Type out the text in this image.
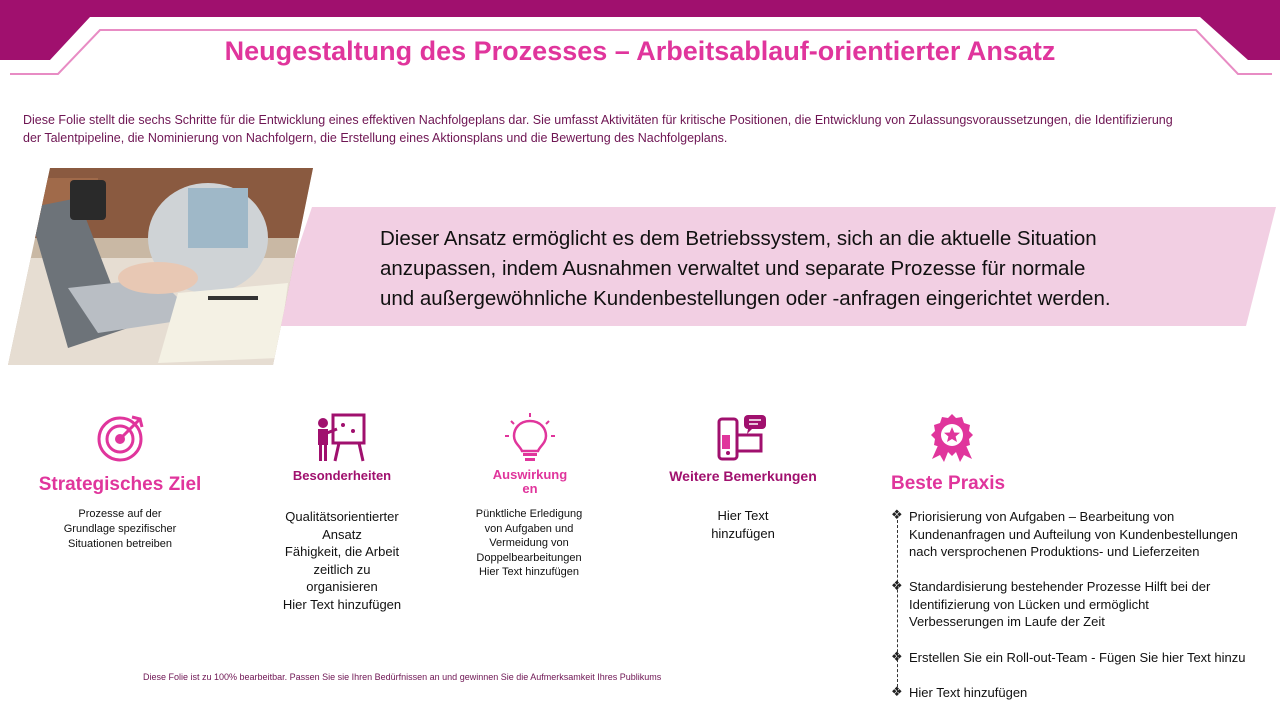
Neugestaltung des Prozesses – Arbeitsablauf-orientierter Ansatz
Diese Folie stellt die sechs Schritte für die Entwicklung eines effektiven Nachfolgeplans dar. Sie umfasst Aktivitäten für kritische Positionen, die Entwicklung von Zulassungsvoraussetzungen, die Identifizierung der Talentpipeline, die Nominierung von Nachfolgern, die Erstellung eines Aktionsplans und die Bewertung des Nachfolgeplans.
Dieser Ansatz ermöglicht es dem Betriebssystem, sich an die aktuelle Situation
anzupassen, indem Ausnahmen verwaltet und separate Prozesse für normale
und außergewöhnliche Kundenbestellungen oder -anfragen eingerichtet werden.
Strategisches Ziel
Prozesse auf der
Grundlage spezifischer
Situationen betreiben
Besonderheiten
Qualitätsorientierter
Ansatz
Fähigkeit, die Arbeit
zeitlich zu
organisieren
Hier Text hinzufügen
Auswirkung
en
Pünktliche Erledigung
von Aufgaben und
Vermeidung von
Doppelbearbeitungen
Hier Text hinzufügen
Weitere Bemerkungen
Hier Text
hinzufügen
Beste Praxis
❖ Priorisierung von Aufgaben – Bearbeitung von
Kundenanfragen und Aufteilung von Kundenbestellungen
nach versprochenen Produktions- und Lieferzeiten
❖ Standardisierung bestehender Prozesse Hilft bei der
Identifizierung von Lücken und ermöglicht
Verbesserungen im Laufe der Zeit
❖ Erstellen Sie ein Roll-out-Team - Fügen Sie hier Text hinzu
❖ Hier Text hinzufügen
Diese Folie ist zu 100% bearbeitbar. Passen Sie sie Ihren Bedürfnissen an und gewinnen Sie die Aufmerksamkeit Ihres Publikums
